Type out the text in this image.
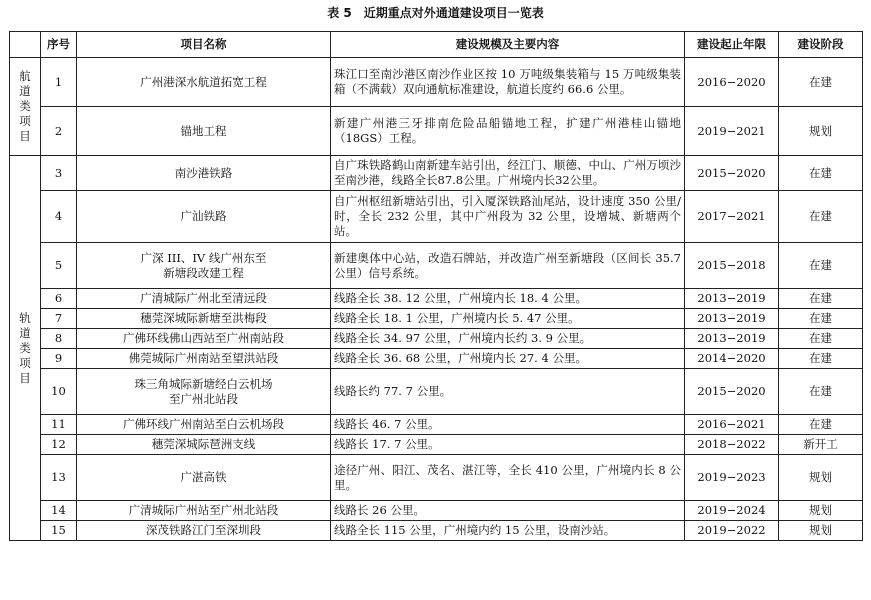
表 5　近期重点对外通道建设项目一览表
	序号	项目名称	建设规模及主要内容	建设起止年限	建设阶段

航
道
类
项
目	1	广州港深水航道拓宽工程	珠江口至南沙港区南沙作业区按 10 万吨级集装箱与 15 万吨级集装箱（不满载）双向通航标准建设，航道长度约 66.6 公里。	2016−2020	在建
	2	锚地工程	新建广州港三牙排南危险品船锚地工程，扩建广州港桂山锚地（18GS）工程。	2019−2021	规划

轨
道
类
项
目	3	南沙港铁路	自广珠铁路鹤山南新建车站引出，经江门、顺德、中山、广州万顷沙至南沙港，线路全长87.8公里。广州境内长32公里。	2015−2020	在建
	4	广汕铁路	自广州枢纽新塘站引出，引入厦深铁路汕尾站，设计速度 350 公里/时，全长 232 公里，其中广州段为 32 公里，设增城、新塘两个站。	2017−2021	在建
	5	广深 III、IV 线广州东至
新塘段改建工程	新建奥体中心站，改造石牌站，并改造广州至新塘段（区间长 35.7 公里）信号系统。	2015−2018	在建
	6	广清城际广州北至清远段	线路全长 38. 12 公里，广州境内长 18. 4 公里。	2013−2019	在建
	7	穗莞深城际新塘至洪梅段	线路全长 18. 1 公里，广州境内长 5. 47 公里。	2013−2019	在建
	8	广佛环线佛山西站至广州南站段	线路全长 34. 97 公里，广州境内长约 3. 9 公里。	2013−2019	在建
	9	佛莞城际广州南站至望洪站段	线路全长 36. 68 公里，广州境内长 27. 4 公里。	2014−2020	在建
	10	珠三角城际新塘经白云机场
至广州北站段	线路长约 77. 7 公里。	2015−2020	在建
	11	广佛环线广州南站至白云机场段	线路长 46. 7 公里。	2016−2021	在建
	12	穗莞深城际琶洲支线	线路长 17. 7 公里。	2018−2022	新开工
	13	广湛高铁	途径广州、阳江、茂名、湛江等，全长 410 公里，广州境内长 8 公里。	2019−2023	规划
	14	广清城际广州站至广州北站段	线路长 26 公里。	2019−2024	规划
	15	深茂铁路江门至深圳段	线路全长 115 公里，广州境内约 15 公里，设南沙站。	2019−2022	规划
